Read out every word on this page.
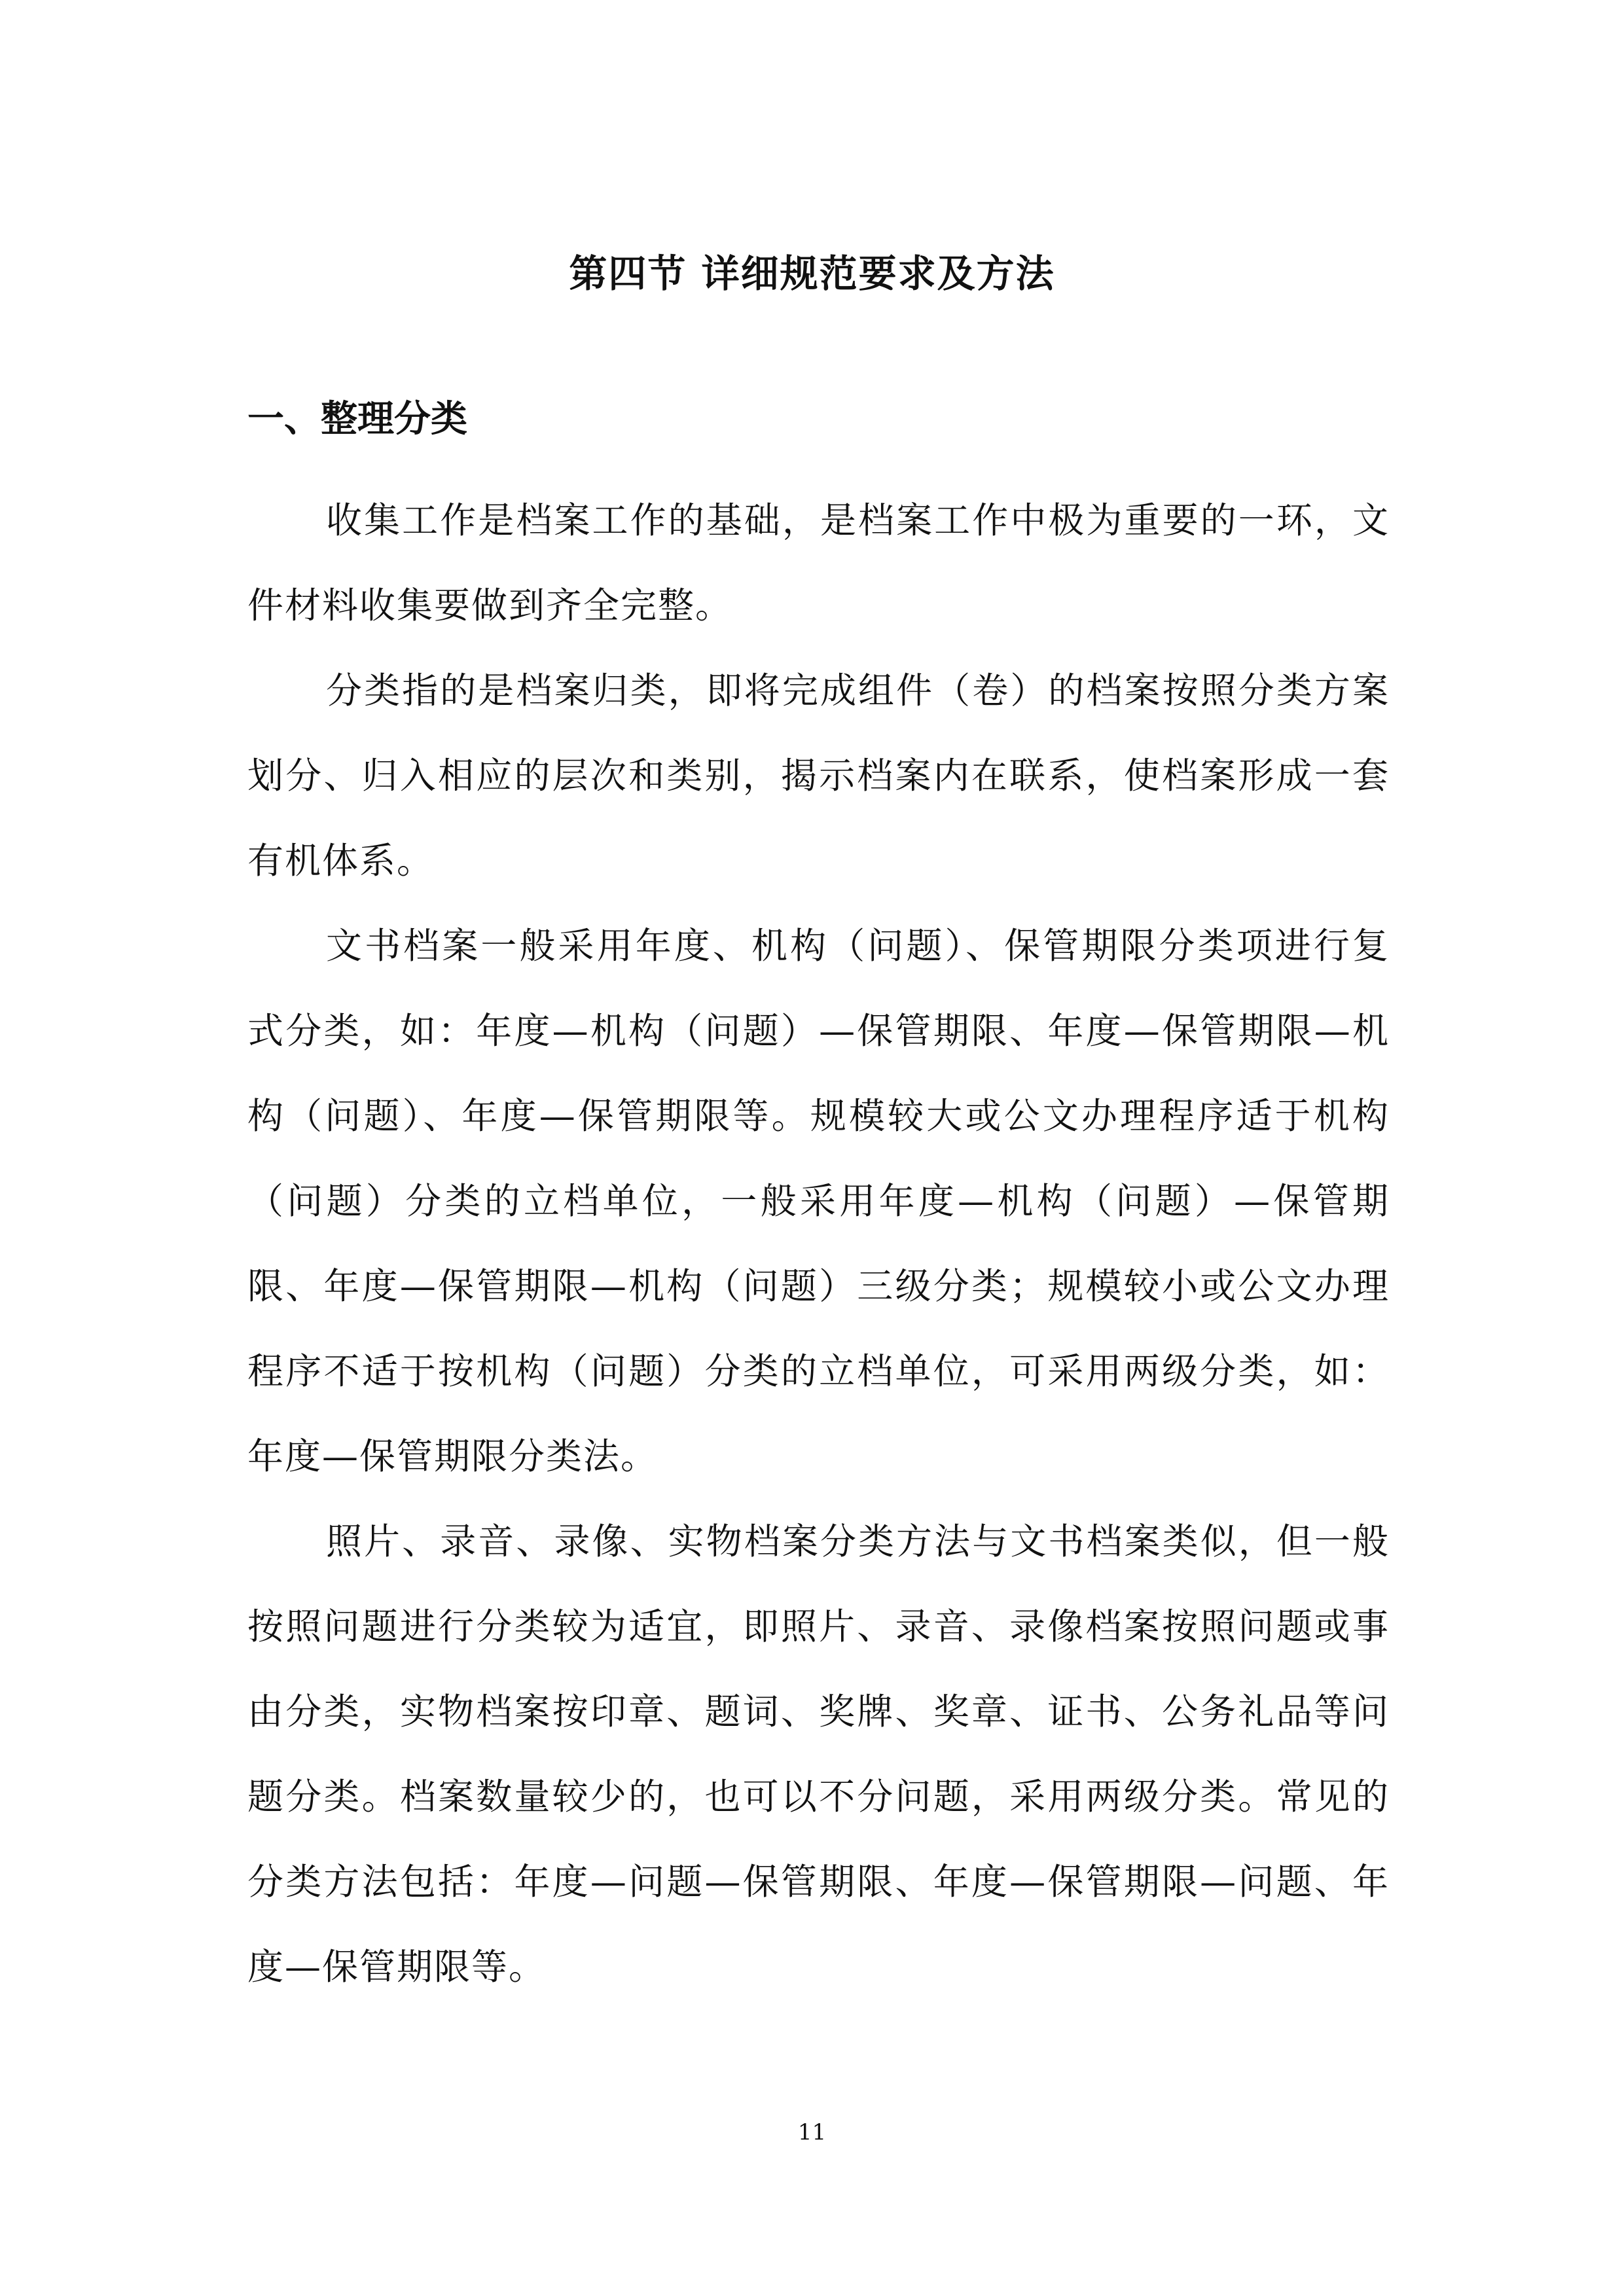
第四节 详细规范要求及方法
一、整理分类

收集工作是档案工作的基础，是档案工作中极为重要的一环，文件材料收集要做到齐全完整。

分类指的是档案归类，即将完成组件（卷）的档案按照分类方案划分、归入相应的层次和类别，揭示档案内在联系，使档案形成一套有机体系。

文书档案一般采用年度、机构（问题）、保管期限分类项进行复式分类，如：年度—机构（问题）—保管期限、年度—保管期限—机构（问题）、年度—保管期限等。规模较大或公文办理程序适于机构（问题）分类的立档单位，一般采用年度—机构（问题）—保管期限、年度—保管期限—机构（问题）三级分类；规模较小或公文办理程序不适于按机构（问题）分类的立档单位，可采用两级分类，如：年度—保管期限分类法。

照片、录音、录像、实物档案分类方法与文书档案类似，但一般按照问题进行分类较为适宜，即照片、录音、录像档案按照问题或事由分类，实物档案按印章、题词、奖牌、奖章、证书、公务礼品等问题分类。档案数量较少的，也可以不分问题，采用两级分类。常见的分类方法包括：年度—问题—保管期限、年度—保管期限—问题、年度—保管期限等。

11
